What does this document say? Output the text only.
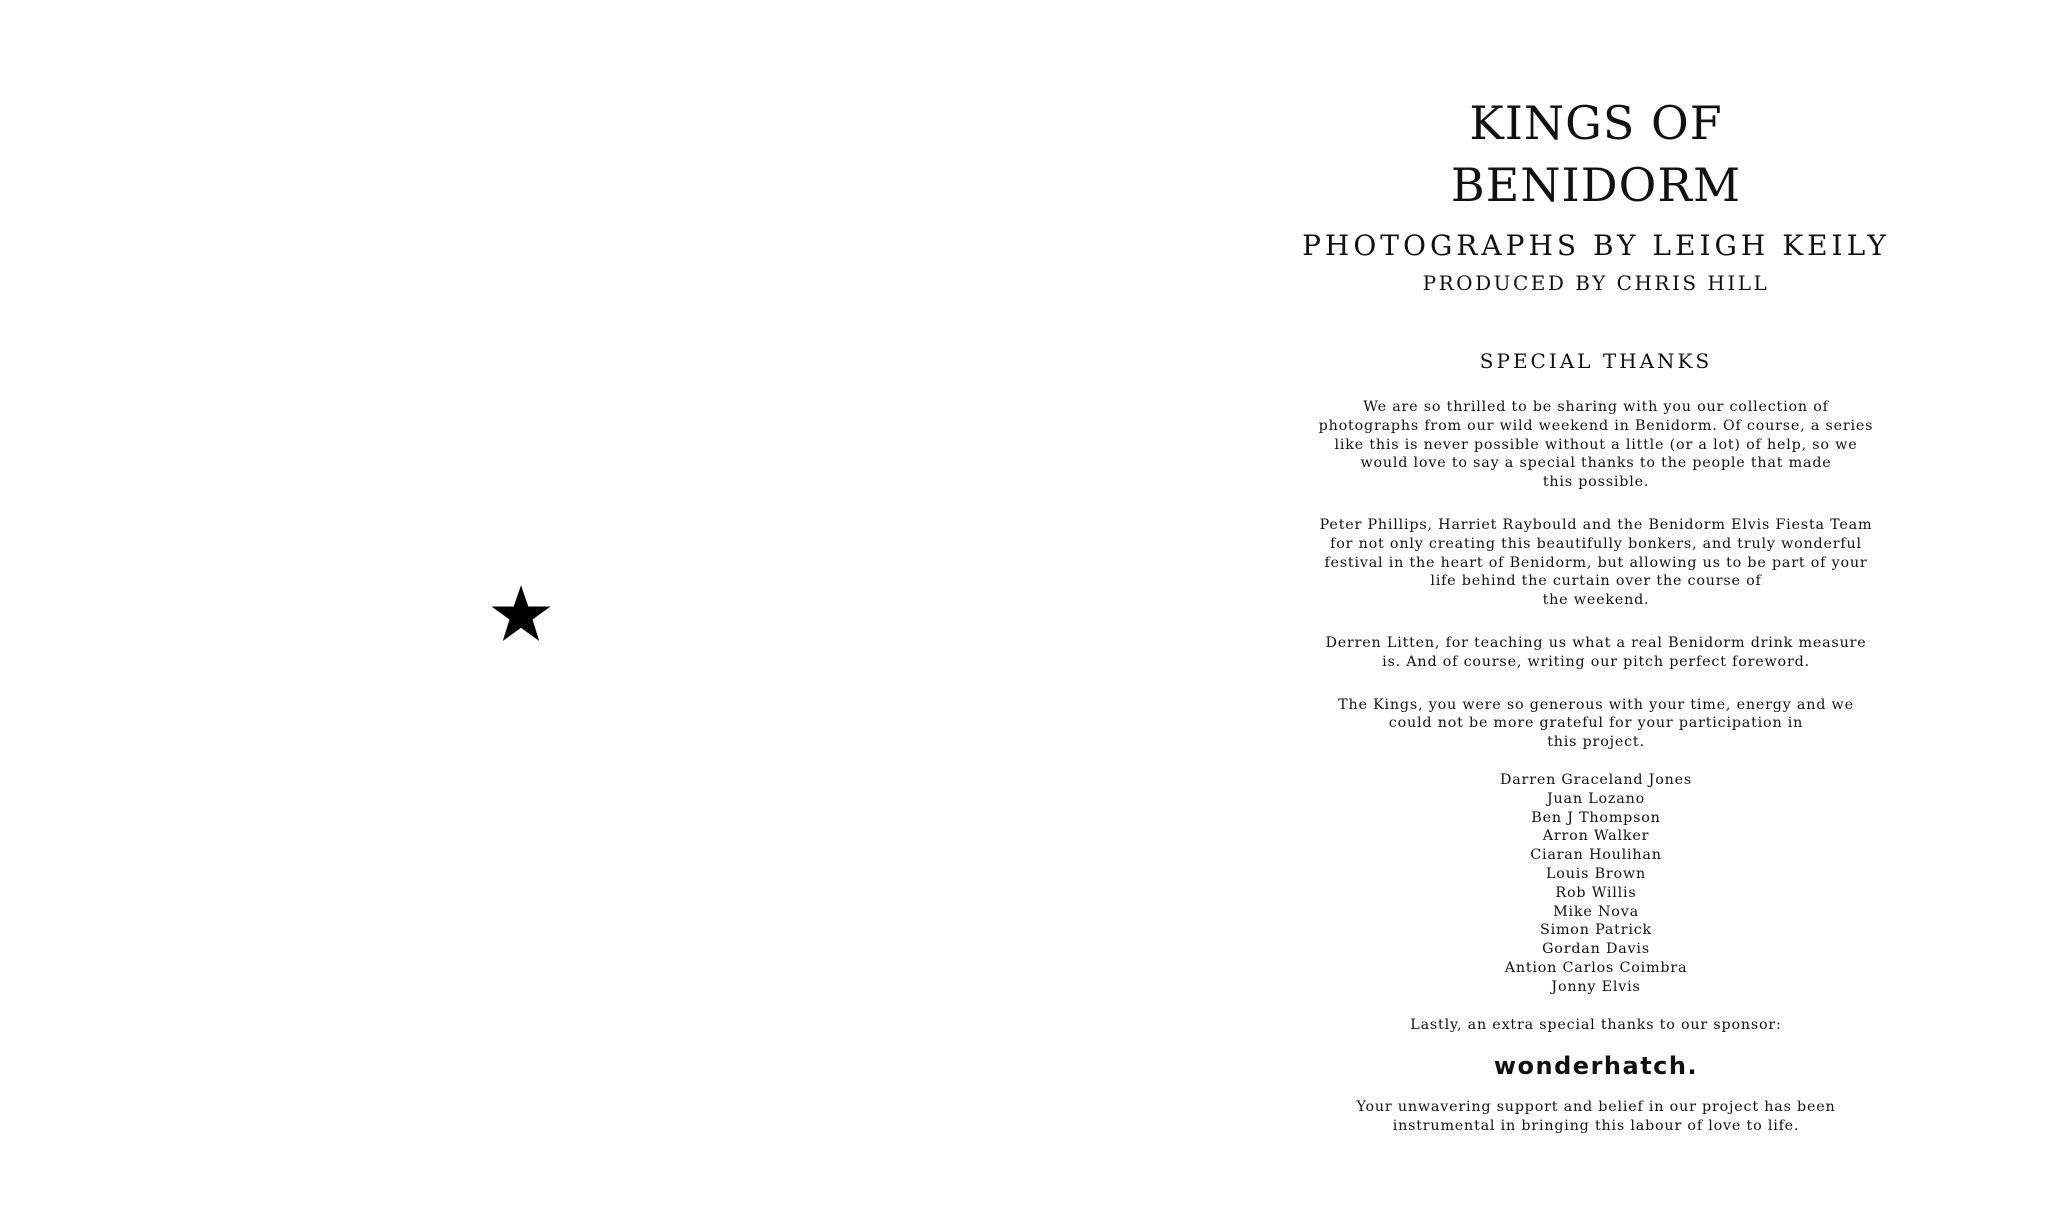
KINGS OF
BENIDORM
PHOTOGRAPHS BY LEIGH KEILY
PRODUCED BY CHRIS HILL
SPECIAL THANKS

We are so thrilled to be sharing with you our collection of
photographs from our wild weekend in Benidorm. Of course, a series
like this is never possible without a little (or a lot) of help, so we
would love to say a special thanks to the people that made
this possible.

Peter Phillips, Harriet Raybould and the Benidorm Elvis Fiesta Team
for not only creating this beautifully bonkers, and truly wonderful
festival in the heart of Benidorm, but allowing us to be part of your
life behind the curtain over the course of
the weekend.

Derren Litten, for teaching us what a real Benidorm drink measure
is. And of course, writing our pitch perfect foreword.

The Kings, you were so generous with your time, energy and we
could not be more grateful for your participation in
this project.

Darren Graceland Jones
Juan Lozano
Ben J Thompson
Arron Walker
Ciaran Houlihan
Louis Brown
Rob Willis
Mike Nova
Simon Patrick
Gordan Davis
Antion Carlos Coimbra
Jonny Elvis
Lastly, an extra special thanks to our sponsor:
wonderhatch.

Your unwavering support and belief in our project has been
instrumental in bringing this labour of love to life.
